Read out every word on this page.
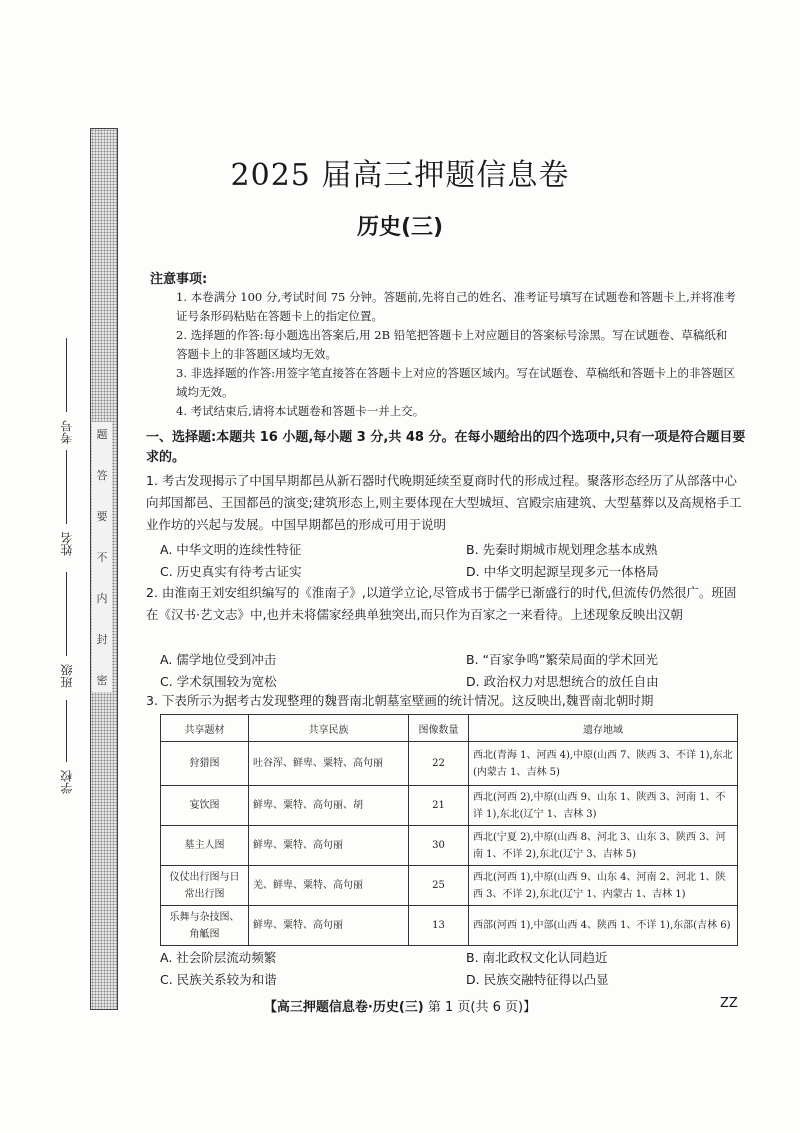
题
答
要
不
内
封
密
考号
姓名
班级
学校
2025 届高三押题信息卷
历史(三)
注意事项:
1. 本卷满分 100 分,考试时间 75 分钟。答题前,先将自己的姓名、准考证号填写在试题卷和答题卡上,并将准考证号条形码粘贴在答题卡上的指定位置。
2. 选择题的作答:每小题选出答案后,用 2B 铅笔把答题卡上对应题目的答案标号涂黑。写在试题卷、草稿纸和答题卡上的非答题区域均无效。
3. 非选择题的作答:用签字笔直接答在答题卡上对应的答题区域内。写在试题卷、草稿纸和答题卡上的非答题区域均无效。
4. 考试结束后,请将本试题卷和答题卡一并上交。
一、选择题:本题共 16 小题,每小题 3 分,共 48 分。在每小题给出的四个选项中,只有一项是符合题目要求的。
1. 考古发现揭示了中国早期都邑从新石器时代晚期延续至夏商时代的形成过程。聚落形态经历了从部落中心向邦国都邑、王国都邑的演变;建筑形态上,则主要体现在大型城垣、宫殿宗庙建筑、大型墓葬以及高规格手工业作坊的兴起与发展。中国早期都邑的形成可用于说明
A. 中华文明的连续性特征	B. 先秦时期城市规划理念基本成熟
C. 历史真实有待考古证实	D. 中华文明起源呈现多元一体格局
2. 由淮南王刘安组织编写的《淮南子》,以道学立论,尽管成书于儒学已渐盛行的时代,但流传仍然很广。班固在《汉书·艺文志》中,也并未将儒家经典单独突出,而只作为百家之一来看待。上述现象反映出汉朝
A. 儒学地位受到冲击	B. “百家争鸣”繁荣局面的学术回光
C. 学术氛围较为宽松	D. 政治权力对思想统合的放任自由
3. 下表所示为据考古发现整理的魏晋南北朝墓室壁画的统计情况。这反映出,魏晋南北朝时期
共享题材	共享民族	图像数量	遗存地域
狩猎图	吐谷浑、鲜卑、粟特、高句丽	22	西北(青海 1、河西 4),中原(山西 7、陕西 3、不详 1),东北(内蒙古 1、吉林 5)
宴饮图	鲜卑、粟特、高句丽、胡	21	西北(河西 2),中原(山西 9、山东 1、陕西 3、河南 1、不详 1),东北(辽宁 1、吉林 3)
墓主人图	鲜卑、粟特、高句丽	30	西北(宁夏 2),中原(山西 8、河北 3、山东 3、陕西 3、河南 1、不详 2),东北(辽宁 3、吉林 5)
仪仗出行图与日常出行图	羌、鲜卑、粟特、高句丽	25	西北(河西 1),中原(山西 9、山东 4、河南 2、河北 1、陕西 3、不详 2),东北(辽宁 1、内蒙古 1、吉林 1)
乐舞与杂技图、角觝图	鲜卑、粟特、高句丽	13	西部(河西 1),中部(山西 4、陕西 1、不详 1),东部(吉林 6)
A. 社会阶层流动频繁	B. 南北政权文化认同趋近
C. 民族关系较为和谐	D. 民族交融特征得以凸显
【高三押题信息卷·历史(三) 第 1 页(共 6 页)】	ZZ
